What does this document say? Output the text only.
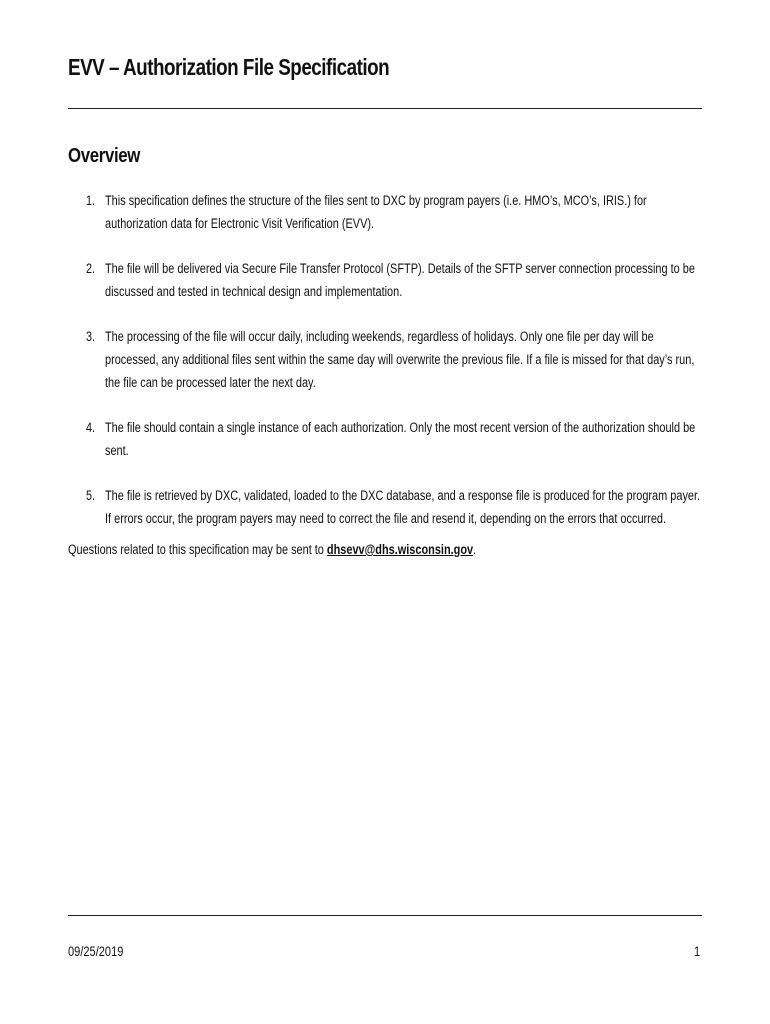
EVV – Authorization File Specification
Overview
1. This specification defines the structure of the files sent to DXC by program payers (i.e. HMO’s, MCO’s, IRIS.) for authorization data for Electronic Visit Verification (EVV).
2. The file will be delivered via Secure File Transfer Protocol (SFTP). Details of the SFTP server connection processing to be discussed and tested in technical design and implementation.
3. The processing of the file will occur daily, including weekends, regardless of holidays. Only one file per day will be processed, any additional files sent within the same day will overwrite the previous file. If a file is missed for that day’s run, the file can be processed later the next day.
4. The file should contain a single instance of each authorization. Only the most recent version of the authorization should be sent.
5. The file is retrieved by DXC, validated, loaded to the DXC database, and a response file is produced for the program payer. If errors occur, the program payers may need to correct the file and resend it, depending on the errors that occurred.
Questions related to this specification may be sent to dhsevv@dhs.wisconsin.gov.
09/25/2019	1
